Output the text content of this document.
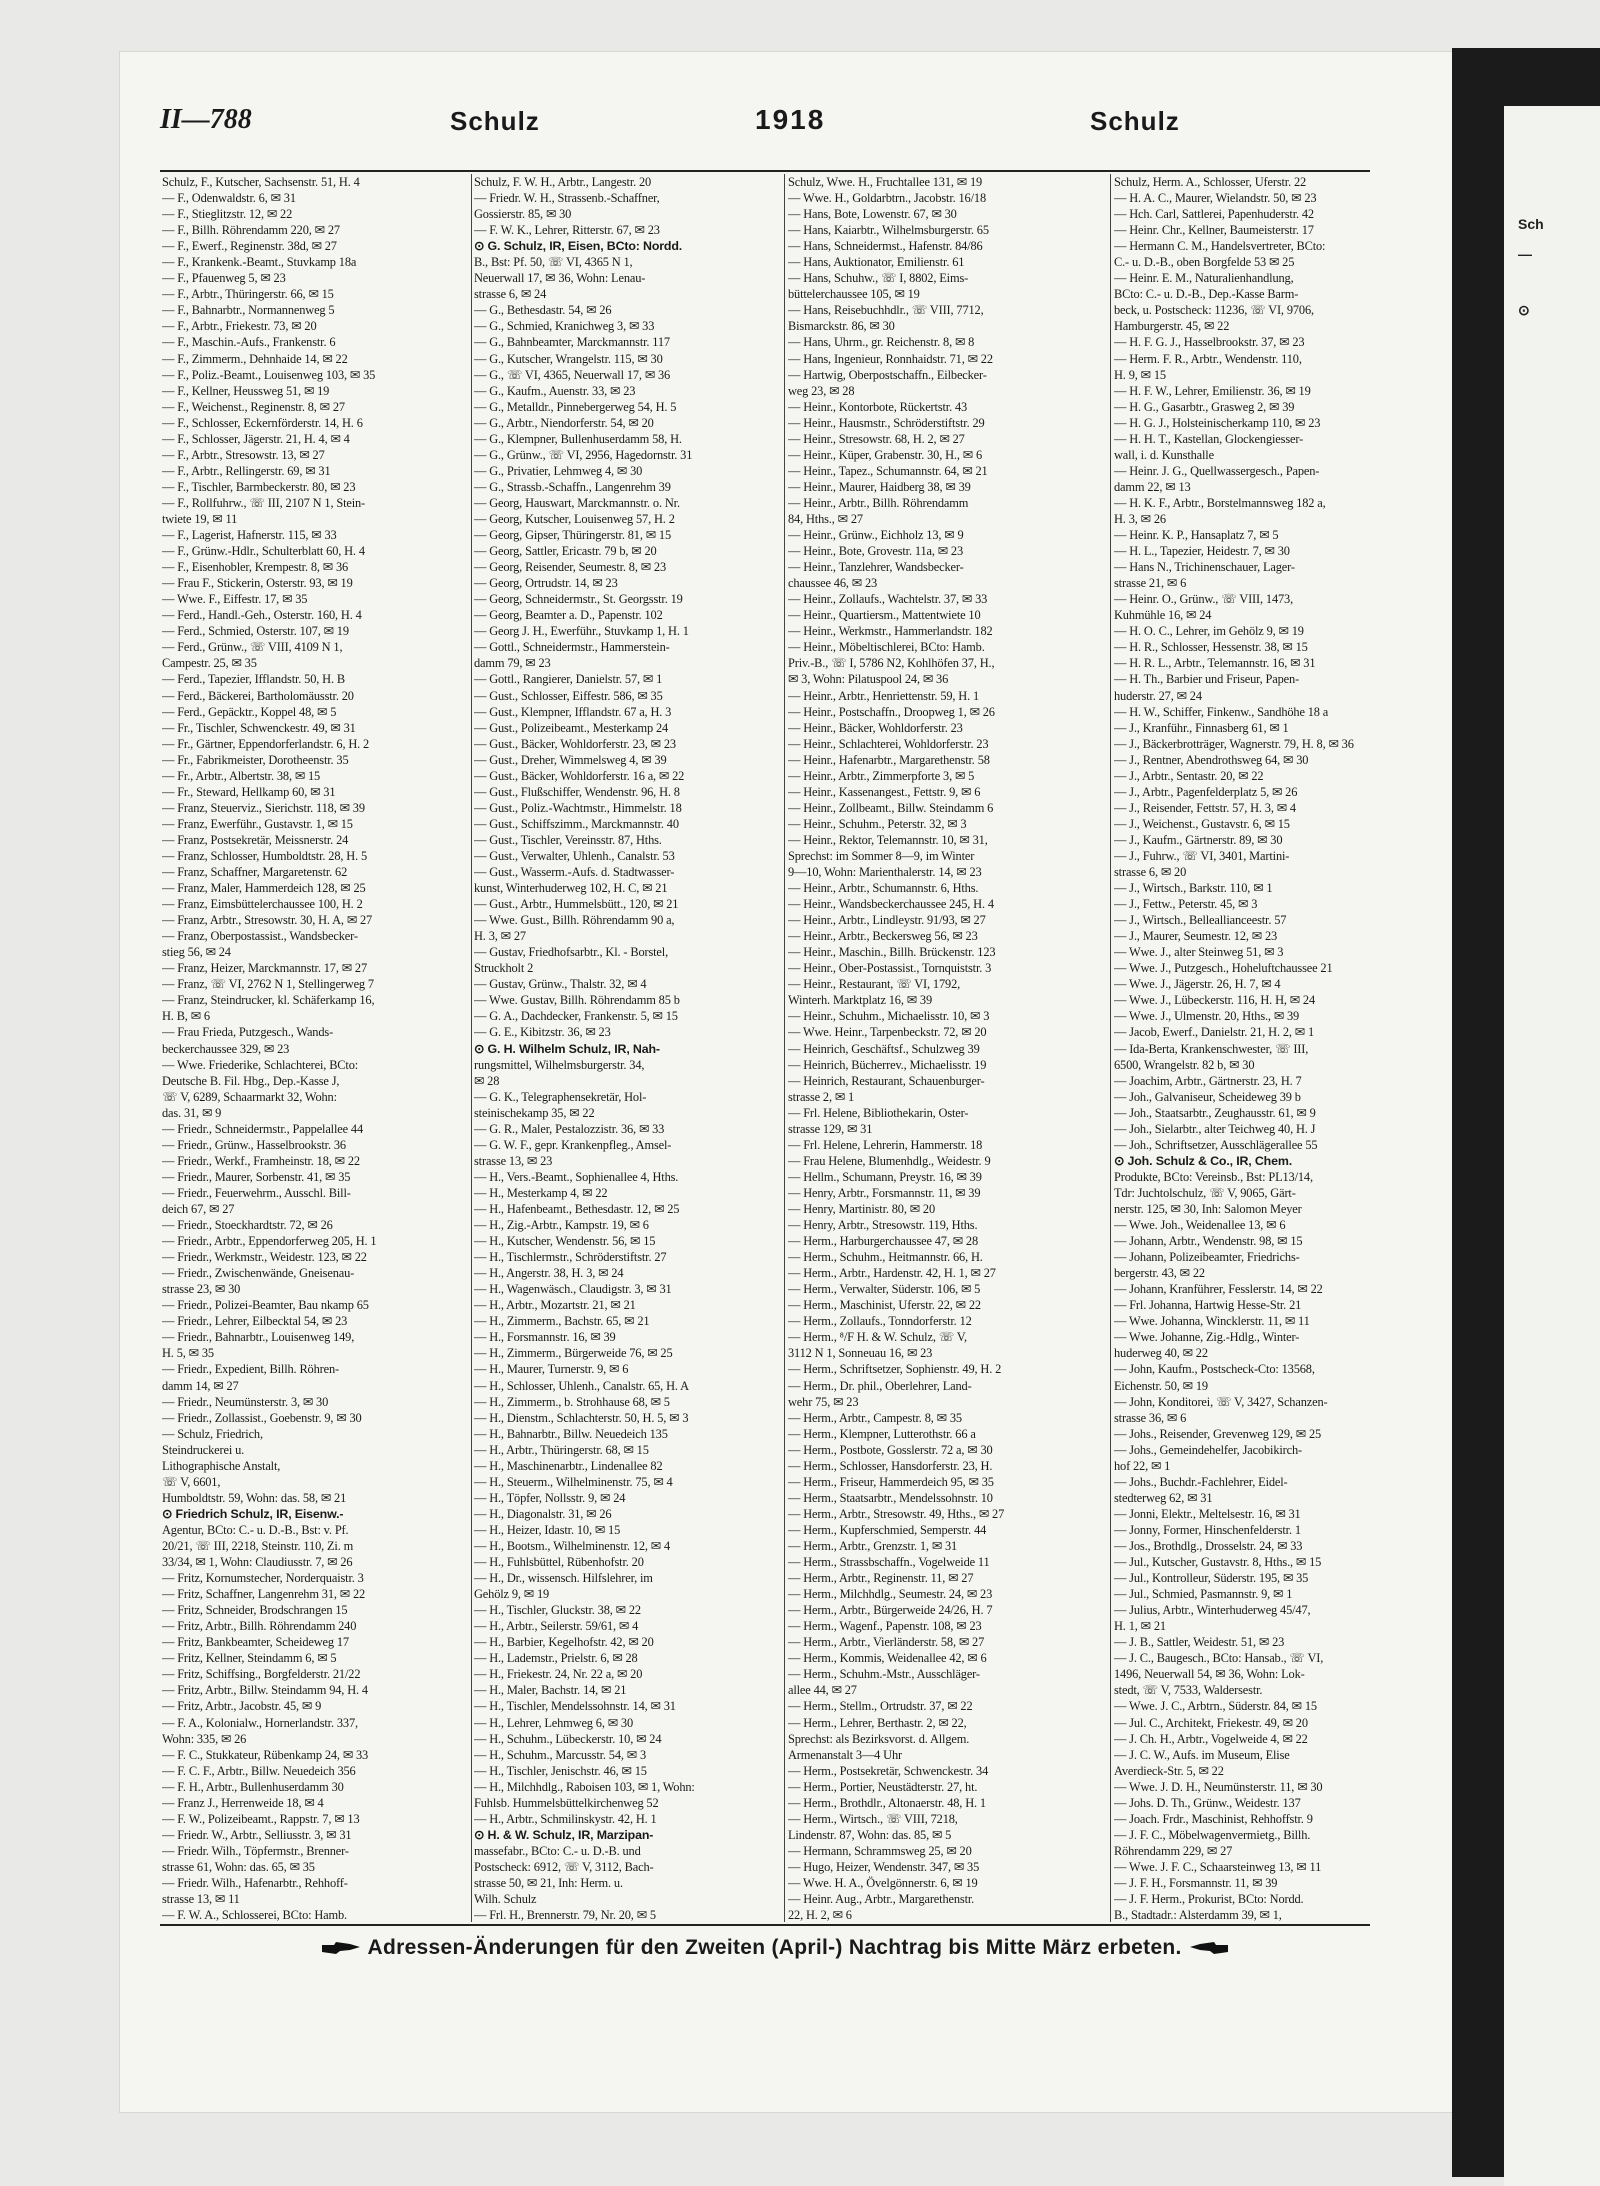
Sch
—
⊙
II—788	Schulz	1918	Schulz
Schulz, F., Kutscher, Sachsenstr. 51, H. 4
— F., Odenwaldstr. 6, ✉ 31
— F., Stieglitzstr. 12, ✉ 22
— F., Billh. Röhrendamm 220, ✉ 27
— F., Ewerf., Reginenstr. 38d, ✉ 27
— F., Krankenk.-Beamt., Stuvkamp 18a
— F., Pfauenweg 5, ✉ 23
— F., Arbtr., Thüringerstr. 66, ✉ 15
— F., Bahnarbtr., Normannenweg 5
— F., Arbtr., Friekestr. 73, ✉ 20
— F., Maschin.-Aufs., Frankenstr. 6
— F., Zimmerm., Dehnhaide 14, ✉ 22
— F., Poliz.-Beamt., Louisenweg 103, ✉ 35
— F., Kellner, Heussweg 51, ✉ 19
— F., Weichenst., Reginenstr. 8, ✉ 27
— F., Schlosser, Eckernförderstr. 14, H. 6
— F., Schlosser, Jägerstr. 21, H. 4, ✉ 4
— F., Arbtr., Stresowstr. 13, ✉ 27
— F., Arbtr., Rellingerstr. 69, ✉ 31
— F., Tischler, Barmbeckerstr. 80, ✉ 23
— F., Rollfuhrw., ☏ III, 2107 N 1, Stein-
twiete 19, ✉ 11
— F., Lagerist, Hafnerstr. 115, ✉ 33
— F., Grünw.-Hdlr., Schulterblatt 60, H. 4
— F., Eisenhobler, Krempestr. 8, ✉ 36
— Frau F., Stickerin, Osterstr. 93, ✉ 19
— Wwe. F., Eiffestr. 17, ✉ 35
— Ferd., Handl.-Geh., Osterstr. 160, H. 4
— Ferd., Schmied, Osterstr. 107, ✉ 19
— Ferd., Grünw., ☏ VIII, 4109 N 1,
Campestr. 25, ✉ 35
— Ferd., Tapezier, Ifflandstr. 50, H. B
— Ferd., Bäckerei, Bartholomäusstr. 20
— Ferd., Gepäcktr., Koppel 48, ✉ 5
— Fr., Tischler, Schwenckestr. 49, ✉ 31
— Fr., Gärtner, Eppendorferlandstr. 6, H. 2
— Fr., Fabrikmeister, Dorotheenstr. 35
— Fr., Arbtr., Albertstr. 38, ✉ 15
— Fr., Steward, Hellkamp 60, ✉ 31
— Franz, Steuerviz., Sierichstr. 118, ✉ 39
— Franz, Ewerführ., Gustavstr. 1, ✉ 15
— Franz, Postsekretär, Meissnerstr. 24
— Franz, Schlosser, Humboldtstr. 28, H. 5
— Franz, Schaffner, Margaretenstr. 62
— Franz, Maler, Hammerdeich 128, ✉ 25
— Franz, Eimsbüttelerchaussee 100, H. 2
— Franz, Arbtr., Stresowstr. 30, H. A, ✉ 27
— Franz, Oberpostassist., Wandsbecker-
stieg 56, ✉ 24
— Franz, Heizer, Marckmannstr. 17, ✉ 27
— Franz, ☏ VI, 2762 N 1, Stellingerweg 7
— Franz, Steindrucker, kl. Schäferkamp 16,
H. B, ✉ 6
— Frau Frieda, Putzgesch., Wands-
beckerchaussee 329, ✉ 23
— Wwe. Friederike, Schlachterei, BCto:
Deutsche B. Fil. Hbg., Dep.-Kasse J,
☏ V, 6289, Schaarmarkt 32, Wohn:
das. 31, ✉ 9
— Friedr., Schneidermstr., Pappelallee 44
— Friedr., Grünw., Hasselbrookstr. 36
— Friedr., Werkf., Framheinstr. 18, ✉ 22
— Friedr., Maurer, Sorbenstr. 41, ✉ 35
— Friedr., Feuerwehrm., Ausschl. Bill-
deich 67, ✉ 27
— Friedr., Stoeckhardtstr. 72, ✉ 26
— Friedr., Arbtr., Eppendorferweg 205, H. 1
— Friedr., Werkmstr., Weidestr. 123, ✉ 22
— Friedr., Zwischenwände, Gneisenau-
strasse 23, ✉ 30
— Friedr., Polizei-Beamter, Bau nkamp 65
— Friedr., Lehrer, Eilbecktal 54, ✉ 23
— Friedr., Bahnarbtr., Louisenweg 149,
H. 5, ✉ 35
— Friedr., Expedient, Billh. Röhren-
damm 14, ✉ 27
— Friedr., Neumünsterstr. 3, ✉ 30
— Friedr., Zollassist., Goebenstr. 9, ✉ 30
— Schulz, Friedrich,
Steindruckerei u.
Lithographische Anstalt,
☏ V, 6601,
Humboldtstr. 59, Wohn: das. 58, ✉ 21
⊙ Friedrich Schulz, IR, Eisenw.-
Agentur, BCto: C.- u. D.-B., Bst: v. Pf.
20/21, ☏ III, 2218, Steinstr. 110, Zi. m
33/34, ✉ 1, Wohn: Claudiusstr. 7, ✉ 26
— Fritz, Kornumstecher, Norderquaistr. 3
— Fritz, Schaffner, Langenrehm 31, ✉ 22
— Fritz, Schneider, Brodschrangen 15
— Fritz, Arbtr., Billh. Röhrendamm 240
— Fritz, Bankbeamter, Scheideweg 17
— Fritz, Kellner, Steindamm 6, ✉ 5
— Fritz, Schiffsing., Borgfelderstr. 21/22
— Fritz, Arbtr., Billw. Steindamm 94, H. 4
— Fritz, Arbtr., Jacobstr. 45, ✉ 9
— F. A., Kolonialw., Hornerlandstr. 337,
Wohn: 335, ✉ 26
— F. C., Stukkateur, Rübenkamp 24, ✉ 33
— F. C. F., Arbtr., Billw. Neuedeich 356
— F. H., Arbtr., Bullenhuserdamm 30
— Franz J., Herrenweide 18, ✉ 4
— F. W., Polizeibeamt., Rappstr. 7, ✉ 13
— Friedr. W., Arbtr., Selliusstr. 3, ✉ 31
— Friedr. Wilh., Töpfermstr., Brenner-
strasse 61, Wohn: das. 65, ✉ 35
— Friedr. Wilh., Hafenarbtr., Rehhoff-
strasse 13, ✉ 11
— F. W. A., Schlosserei, BCto: Hamb.
Schulz, F. W. H., Arbtr., Langestr. 20
— Friedr. W. H., Strassenb.-Schaffner,
Gossierstr. 85, ✉ 30
— F. W. K., Lehrer, Ritterstr. 67, ✉ 23
⊙ G. Schulz, IR, Eisen, BCto: Nordd.
B., Bst: Pf. 50, ☏ VI, 4365 N 1,
Neuerwall 17, ✉ 36, Wohn: Lenau-
strasse 6, ✉ 24
— G., Bethesdastr. 54, ✉ 26
— G., Schmied, Kranichweg 3, ✉ 33
— G., Bahnbeamter, Marckmannstr. 117
— G., Kutscher, Wrangelstr. 115, ✉ 30
— G., ☏ VI, 4365, Neuerwall 17, ✉ 36
— G., Kaufm., Auenstr. 33, ✉ 23
— G., Metalldr., Pinnebergerweg 54, H. 5
— G., Arbtr., Niendorferstr. 54, ✉ 20
— G., Klempner, Bullenhuserdamm 58, H.
— G., Grünw., ☏ VI, 2956, Hagedornstr. 31
— G., Privatier, Lehmweg 4, ✉ 30
— G., Strassb.-Schaffn., Langenrehm 39
— Georg, Hauswart, Marckmannstr. o. Nr.
— Georg, Kutscher, Louisenweg 57, H. 2
— Georg, Gipser, Thüringerstr. 81, ✉ 15
— Georg, Sattler, Ericastr. 79 b, ✉ 20
— Georg, Reisender, Seumestr. 8, ✉ 23
— Georg, Ortrudstr. 14, ✉ 23
— Georg, Schneidermstr., St. Georgsstr. 19
— Georg, Beamter a. D., Papenstr. 102
— Georg J. H., Ewerführ., Stuvkamp 1, H. 1
— Gottl., Schneidermstr., Hammerstein-
damm 79, ✉ 23
— Gottl., Rangierer, Danielstr. 57, ✉ 1
— Gust., Schlosser, Eiffestr. 586, ✉ 35
— Gust., Klempner, Ifflandstr. 67 a, H. 3
— Gust., Polizeibeamt., Mesterkamp 24
— Gust., Bäcker, Wohldorferstr. 23, ✉ 23
— Gust., Dreher, Wimmelsweg 4, ✉ 39
— Gust., Bäcker, Wohldorferstr. 16 a, ✉ 22
— Gust., Flußschiffer, Wendenstr. 96, H. 8
— Gust., Poliz.-Wachtmstr., Himmelstr. 18
— Gust., Schiffszimm., Marckmannstr. 40
— Gust., Tischler, Vereinsstr. 87, Hths.
— Gust., Verwalter, Uhlenh., Canalstr. 53
— Gust., Wasserm.-Aufs. d. Stadtwasser-
kunst, Winterhuderweg 102, H. C, ✉ 21
— Gust., Arbtr., Hummelsbütt., 120, ✉ 21
— Wwe. Gust., Billh. Röhrendamm 90 a,
H. 3, ✉ 27
— Gustav, Friedhofsarbtr., Kl. - Borstel,
Struckholt 2
— Gustav, Grünw., Thalstr. 32, ✉ 4
— Wwe. Gustav, Billh. Röhrendamm 85 b
— G. A., Dachdecker, Frankenstr. 5, ✉ 15
— G. E., Kibitzstr. 36, ✉ 23
⊙ G. H. Wilhelm Schulz, IR, Nah-
rungsmittel, Wilhelmsburgerstr. 34,
✉ 28
— G. K., Telegraphensekretär, Hol-
steinischekamp 35, ✉ 22
— G. R., Maler, Pestalozzistr. 36, ✉ 33
— G. W. F., gepr. Krankenpfleg., Amsel-
strasse 13, ✉ 23
— H., Vers.-Beamt., Sophienallee 4, Hths.
— H., Mesterkamp 4, ✉ 22
— H., Hafenbeamt., Bethesdastr. 12, ✉ 25
— H., Zig.-Arbtr., Kampstr. 19, ✉ 6
— H., Kutscher, Wendenstr. 56, ✉ 15
— H., Tischlermstr., Schröderstiftstr. 27
— H., Angerstr. 38, H. 3, ✉ 24
— H., Wagenwäsch., Claudigstr. 3, ✉ 31
— H., Arbtr., Mozartstr. 21, ✉ 21
— H., Zimmerm., Bachstr. 65, ✉ 21
— H., Forsmannstr. 16, ✉ 39
— H., Zimmerm., Bürgerweide 76, ✉ 25
— H., Maurer, Turnerstr. 9, ✉ 6
— H., Schlosser, Uhlenh., Canalstr. 65, H. A
— H., Zimmerm., b. Strohhause 68, ✉ 5
— H., Dienstm., Schlachterstr. 50, H. 5, ✉ 3
— H., Bahnarbtr., Billw. Neuedeich 135
— H., Arbtr., Thüringerstr. 68, ✉ 15
— H., Maschinenarbtr., Lindenallee 82
— H., Steuerm., Wilhelminenstr. 75, ✉ 4
— H., Töpfer, Nollsstr. 9, ✉ 24
— H., Diagonalstr. 31, ✉ 26
— H., Heizer, Idastr. 10, ✉ 15
— H., Bootsm., Wilhelminenstr. 12, ✉ 4
— H., Fuhlsbüttel, Rübenhofstr. 20
— H., Dr., wissensch. Hilfslehrer, im
Gehölz 9, ✉ 19
— H., Tischler, Gluckstr. 38, ✉ 22
— H., Arbtr., Seilerstr. 59/61, ✉ 4
— H., Barbier, Kegelhofstr. 42, ✉ 20
— H., Lademstr., Prielstr. 6, ✉ 28
— H., Friekestr. 24, Nr. 22 a, ✉ 20
— H., Maler, Bachstr. 14, ✉ 21
— H., Tischler, Mendelssohnstr. 14, ✉ 31
— H., Lehrer, Lehmweg 6, ✉ 30
— H., Schuhm., Lübeckerstr. 10, ✉ 24
— H., Schuhm., Marcusstr. 54, ✉ 3
— H., Tischler, Jenischstr. 46, ✉ 15
— H., Milchhdlg., Raboisen 103, ✉ 1, Wohn:
Fuhlsb. Hummelsbüttelkirchenweg 52
— H., Arbtr., Schmilinskystr. 42, H. 1
⊙ H. & W. Schulz, IR, Marzipan-
massefabr., BCto: C.- u. D.-B. und
Postscheck: 6912, ☏ V, 3112, Bach-
strasse 50, ✉ 21, Inh: Herm. u.
Wilh. Schulz
— Frl. H., Brennerstr. 79, Nr. 20, ✉ 5
Schulz, Wwe. H., Fruchtallee 131, ✉ 19
— Wwe. H., Goldarbtrn., Jacobstr. 16/18
— Hans, Bote, Lowenstr. 67, ✉ 30
— Hans, Kaiarbtr., Wilhelmsburgerstr. 65
— Hans, Schneidermst., Hafenstr. 84/86
— Hans, Auktionator, Emilienstr. 61
— Hans, Schuhw., ☏ I, 8802, Eims-
büttelerchaussee 105, ✉ 19
— Hans, Reisebuchhdlr., ☏ VIII, 7712,
Bismarckstr. 86, ✉ 30
— Hans, Uhrm., gr. Reichenstr. 8, ✉ 8
— Hans, Ingenieur, Ronnhaidstr. 71, ✉ 22
— Hartwig, Oberpostschaffn., Eilbecker-
weg 23, ✉ 28
— Heinr., Kontorbote, Rückertstr. 43
— Heinr., Hausmstr., Schröderstiftstr. 29
— Heinr., Stresowstr. 68, H. 2, ✉ 27
— Heinr., Küper, Grabenstr. 30, H., ✉ 6
— Heinr., Tapez., Schumannstr. 64, ✉ 21
— Heinr., Maurer, Haidberg 38, ✉ 39
— Heinr., Arbtr., Billh. Röhrendamm
84, Hths., ✉ 27
— Heinr., Grünw., Eichholz 13, ✉ 9
— Heinr., Bote, Grovestr. 11a, ✉ 23
— Heinr., Tanzlehrer, Wandsbecker-
chaussee 46, ✉ 23
— Heinr., Zollaufs., Wachtelstr. 37, ✉ 33
— Heinr., Quartiersm., Mattentwiete 10
— Heinr., Werkmstr., Hammerlandstr. 182
— Heinr., Möbeltischlerei, BCto: Hamb.
Priv.-B., ☏ I, 5786 N2, Kohlhöfen 37, H.,
✉ 3, Wohn: Pilatuspool 24, ✉ 36
— Heinr., Arbtr., Henriettenstr. 59, H. 1
— Heinr., Postschaffn., Droopweg 1, ✉ 26
— Heinr., Bäcker, Wohldorferstr. 23
— Heinr., Schlachterei, Wohldorferstr. 23
— Heinr., Hafenarbtr., Margarethenstr. 58
— Heinr., Arbtr., Zimmerpforte 3, ✉ 5
— Heinr., Kassenangest., Fettstr. 9, ✉ 6
— Heinr., Zollbeamt., Billw. Steindamm 6
— Heinr., Schuhm., Peterstr. 32, ✉ 3
— Heinr., Rektor, Telemannstr. 10, ✉ 31,
Sprechst: im Sommer 8—9, im Winter
9—10, Wohn: Marienthalerstr. 14, ✉ 23
— Heinr., Arbtr., Schumannstr. 6, Hths.
— Heinr., Wandsbeckerchaussee 245, H. 4
— Heinr., Arbtr., Lindleystr. 91/93, ✉ 27
— Heinr., Arbtr., Beckersweg 56, ✉ 23
— Heinr., Maschin., Billh. Brückenstr. 123
— Heinr., Ober-Postassist., Tornquiststr. 3
— Heinr., Restaurant, ☏ VI, 1792,
Winterh. Marktplatz 16, ✉ 39
— Heinr., Schuhm., Michaelisstr. 10, ✉ 3
— Wwe. Heinr., Tarpenbeckstr. 72, ✉ 20
— Heinrich, Geschäftsf., Schulzweg 39
— Heinrich, Bücherrev., Michaelisstr. 19
— Heinrich, Restaurant, Schauenburger-
strasse 2, ✉ 1
— Frl. Helene, Bibliothekarin, Oster-
strasse 129, ✉ 31
— Frl. Helene, Lehrerin, Hammerstr. 18
— Frau Helene, Blumenhdlg., Weidestr. 9
— Hellm., Schumann, Preystr. 16, ✉ 39
— Henry, Arbtr., Forsmannstr. 11, ✉ 39
— Henry, Martinistr. 80, ✉ 20
— Henry, Arbtr., Stresowstr. 119, Hths.
— Herm., Harburgerchaussee 47, ✉ 28
— Herm., Schuhm., Heitmannstr. 66, H.
— Herm., Arbtr., Hardenstr. 42, H. 1, ✉ 27
— Herm., Verwalter, Süderstr. 106, ✉ 5
— Herm., Maschinist, Uferstr. 22, ✉ 22
— Herm., Zollaufs., Tonndorferstr. 12
— Herm., ⁸/F H. & W. Schulz, ☏ V,
3112 N 1, Sonneuau 16, ✉ 23
— Herm., Schriftsetzer, Sophienstr. 49, H. 2
— Herm., Dr. phil., Oberlehrer, Land-
wehr 75, ✉ 23
— Herm., Arbtr., Campestr. 8, ✉ 35
— Herm., Klempner, Lutterothstr. 66 a
— Herm., Postbote, Gosslerstr. 72 a, ✉ 30
— Herm., Schlosser, Hansdorferstr. 23, H.
— Herm., Friseur, Hammerdeich 95, ✉ 35
— Herm., Staatsarbtr., Mendelssohnstr. 10
— Herm., Arbtr., Stresowstr. 49, Hths., ✉ 27
— Herm., Kupferschmied, Semperstr. 44
— Herm., Arbtr., Grenzstr. 1, ✉ 31
— Herm., Strassbschaffn., Vogelweide 11
— Herm., Arbtr., Reginenstr. 11, ✉ 27
— Herm., Milchhdlg., Seumestr. 24, ✉ 23
— Herm., Arbtr., Bürgerweide 24/26, H. 7
— Herm., Wagenf., Papenstr. 108, ✉ 23
— Herm., Arbtr., Vierländerstr. 58, ✉ 27
— Herm., Kommis, Weidenallee 42, ✉ 6
— Herm., Schuhm.-Mstr., Ausschläger-
allee 44, ✉ 27
— Herm., Stellm., Ortrudstr. 37, ✉ 22
— Herm., Lehrer, Berthastr. 2, ✉ 22,
Sprechst: als Bezirksvorst. d. Allgem.
Armenanstalt 3—4 Uhr
— Herm., Postsekretär, Schwenckestr. 34
— Herm., Portier, Neustädterstr. 27, ht.
— Herm., Brothdlr., Altonaerstr. 48, H. 1
— Herm., Wirtsch., ☏ VIII, 7218,
Lindenstr. 87, Wohn: das. 85, ✉ 5
— Hermann, Schrammsweg 25, ✉ 20
— Hugo, Heizer, Wendenstr. 347, ✉ 35
— Wwe. H. A., Övelgönnerstr. 6, ✉ 19
— Heinr. Aug., Arbtr., Margarethenstr.
22, H. 2, ✉ 6
Schulz, Herm. A., Schlosser, Uferstr. 22
— H. A. C., Maurer, Wielandstr. 50, ✉ 23
— Hch. Carl, Sattlerei, Papenhuderstr. 42
— Heinr. Chr., Kellner, Baumeisterstr. 17
— Hermann C. M., Handelsvertreter, BCto:
C.- u. D.-B., oben Borgfelde 53 ✉ 25
— Heinr. E. M., Naturalienhandlung,
BCto: C.- u. D.-B., Dep.-Kasse Barm-
beck, u. Postscheck: 11236, ☏ VI, 9706,
Hamburgerstr. 45, ✉ 22
— H. F. G. J., Hasselbrookstr. 37, ✉ 23
— Herm. F. R., Arbtr., Wendenstr. 110,
H. 9, ✉ 15
— H. F. W., Lehrer, Emilienstr. 36, ✉ 19
— H. G., Gasarbtr., Grasweg 2, ✉ 39
— H. G. J., Holsteinischerkamp 110, ✉ 23
— H. H. T., Kastellan, Glockengiesser-
wall, i. d. Kunsthalle
— Heinr. J. G., Quellwassergesch., Papen-
damm 22, ✉ 13
— H. K. F., Arbtr., Borstelmannsweg 182 a,
H. 3, ✉ 26
— Heinr. K. P., Hansaplatz 7, ✉ 5
— H. L., Tapezier, Heidestr. 7, ✉ 30
— Hans N., Trichinenschauer, Lager-
strasse 21, ✉ 6
— Heinr. O., Grünw., ☏ VIII, 1473,
Kuhmühle 16, ✉ 24
— H. O. C., Lehrer, im Gehölz 9, ✉ 19
— H. R., Schlosser, Hessenstr. 38, ✉ 15
— H. R. L., Arbtr., Telemannstr. 16, ✉ 31
— H. Th., Barbier und Friseur, Papen-
huderstr. 27, ✉ 24
— H. W., Schiffer, Finkenw., Sandhöhe 18 a
— J., Kranführ., Finnasberg 61, ✉ 1
— J., Bäckerbrotträger, Wagnerstr. 79, H. 8, ✉ 36
— J., Rentner, Abendrothsweg 64, ✉ 30
— J., Arbtr., Sentastr. 20, ✉ 22
— J., Arbtr., Pagenfelderplatz 5, ✉ 26
— J., Reisender, Fettstr. 57, H. 3, ✉ 4
— J., Weichenst., Gustavstr. 6, ✉ 15
— J., Kaufm., Gärtnerstr. 89, ✉ 30
— J., Fuhrw., ☏ VI, 3401, Martini-
strasse 6, ✉ 20
— J., Wirtsch., Barkstr. 110, ✉ 1
— J., Fettw., Peterstr. 45, ✉ 3
— J., Wirtsch., Belleallianceestr. 57
— J., Maurer, Seumestr. 12, ✉ 23
— Wwe. J., alter Steinweg 51, ✉ 3
— Wwe. J., Putzgesch., Hoheluftchaussee 21
— Wwe. J., Jägerstr. 26, H. 7, ✉ 4
— Wwe. J., Lübeckerstr. 116, H. H, ✉ 24
— Wwe. J., Ulmenstr. 20, Hths., ✉ 39
— Jacob, Ewerf., Danielstr. 21, H. 2, ✉ 1
— Ida-Berta, Krankenschwester, ☏ III,
6500, Wrangelstr. 82 b, ✉ 30
— Joachim, Arbtr., Gärtnerstr. 23, H. 7
— Joh., Galvaniseur, Scheideweg 39 b
— Joh., Staatsarbtr., Zeughausstr. 61, ✉ 9
— Joh., Sielarbtr., alter Teichweg 40, H. J
— Joh., Schriftsetzer, Ausschlägerallee 55
⊙ Joh. Schulz & Co., IR, Chem.
Produkte, BCto: Vereinsb., Bst: PL13/14,
Tdr: Juchtolschulz, ☏ V, 9065, Gärt-
nerstr. 125, ✉ 30, Inh: Salomon Meyer
— Wwe. Joh., Weidenallee 13, ✉ 6
— Johann, Arbtr., Wendenstr. 98, ✉ 15
— Johann, Polizeibeamter, Friedrichs-
bergerstr. 43, ✉ 22
— Johann, Kranführer, Fesslerstr. 14, ✉ 22
— Frl. Johanna, Hartwig Hesse-Str. 21
— Wwe. Johanna, Wincklerstr. 11, ✉ 11
— Wwe. Johanne, Zig.-Hdlg., Winter-
huderweg 40, ✉ 22
— John, Kaufm., Postscheck-Cto: 13568,
Eichenstr. 50, ✉ 19
— John, Konditorei, ☏ V, 3427, Schanzen-
strasse 36, ✉ 6
— Johs., Reisender, Grevenweg 129, ✉ 25
— Johs., Gemeindehelfer, Jacobikirch-
hof 22, ✉ 1
— Johs., Buchdr.-Fachlehrer, Eidel-
stedterweg 62, ✉ 31
— Jonni, Elektr., Meltelsestr. 16, ✉ 31
— Jonny, Former, Hinschenfelderstr. 1
— Jos., Brothdlg., Drosselstr. 24, ✉ 33
— Jul., Kutscher, Gustavstr. 8, Hths., ✉ 15
— Jul., Kontrolleur, Süderstr. 195, ✉ 35
— Jul., Schmied, Pasmannstr. 9, ✉ 1
— Julius, Arbtr., Winterhuderweg 45/47,
H. 1, ✉ 21
— J. B., Sattler, Weidestr. 51, ✉ 23
— J. C., Baugesch., BCto: Hansab., ☏ VI,
1496, Neuerwall 54, ✉ 36, Wohn: Lok-
stedt, ☏ V, 7533, Waldersestr.
— Wwe. J. C., Arbtrn., Süderstr. 84, ✉ 15
— Jul. C., Architekt, Friekestr. 49, ✉ 20
— J. Ch. H., Arbtr., Vogelweide 4, ✉ 22
— J. C. W., Aufs. im Museum, Elise
Averdieck-Str. 5, ✉ 22
— Wwe. J. D. H., Neumünsterstr. 11, ✉ 30
— Johs. D. Th., Grünw., Weidestr. 137
— Joach. Frdr., Maschinist, Rehhoffstr. 9
— J. F. C., Möbelwagenvermietg., Billh.
Röhrendamm 229, ✉ 27
— Wwe. J. F. C., Schaarsteinweg 13, ✉ 11
— J. F. H., Forsmannstr. 11, ✉ 39
— J. F. Herm., Prokurist, BCto: Nordd.
B., Stadtadr.: Alsterdamm 39, ✉ 1,
Adressen-Änderungen für den Zweiten (April-) Nachtrag bis Mitte März erbeten.
